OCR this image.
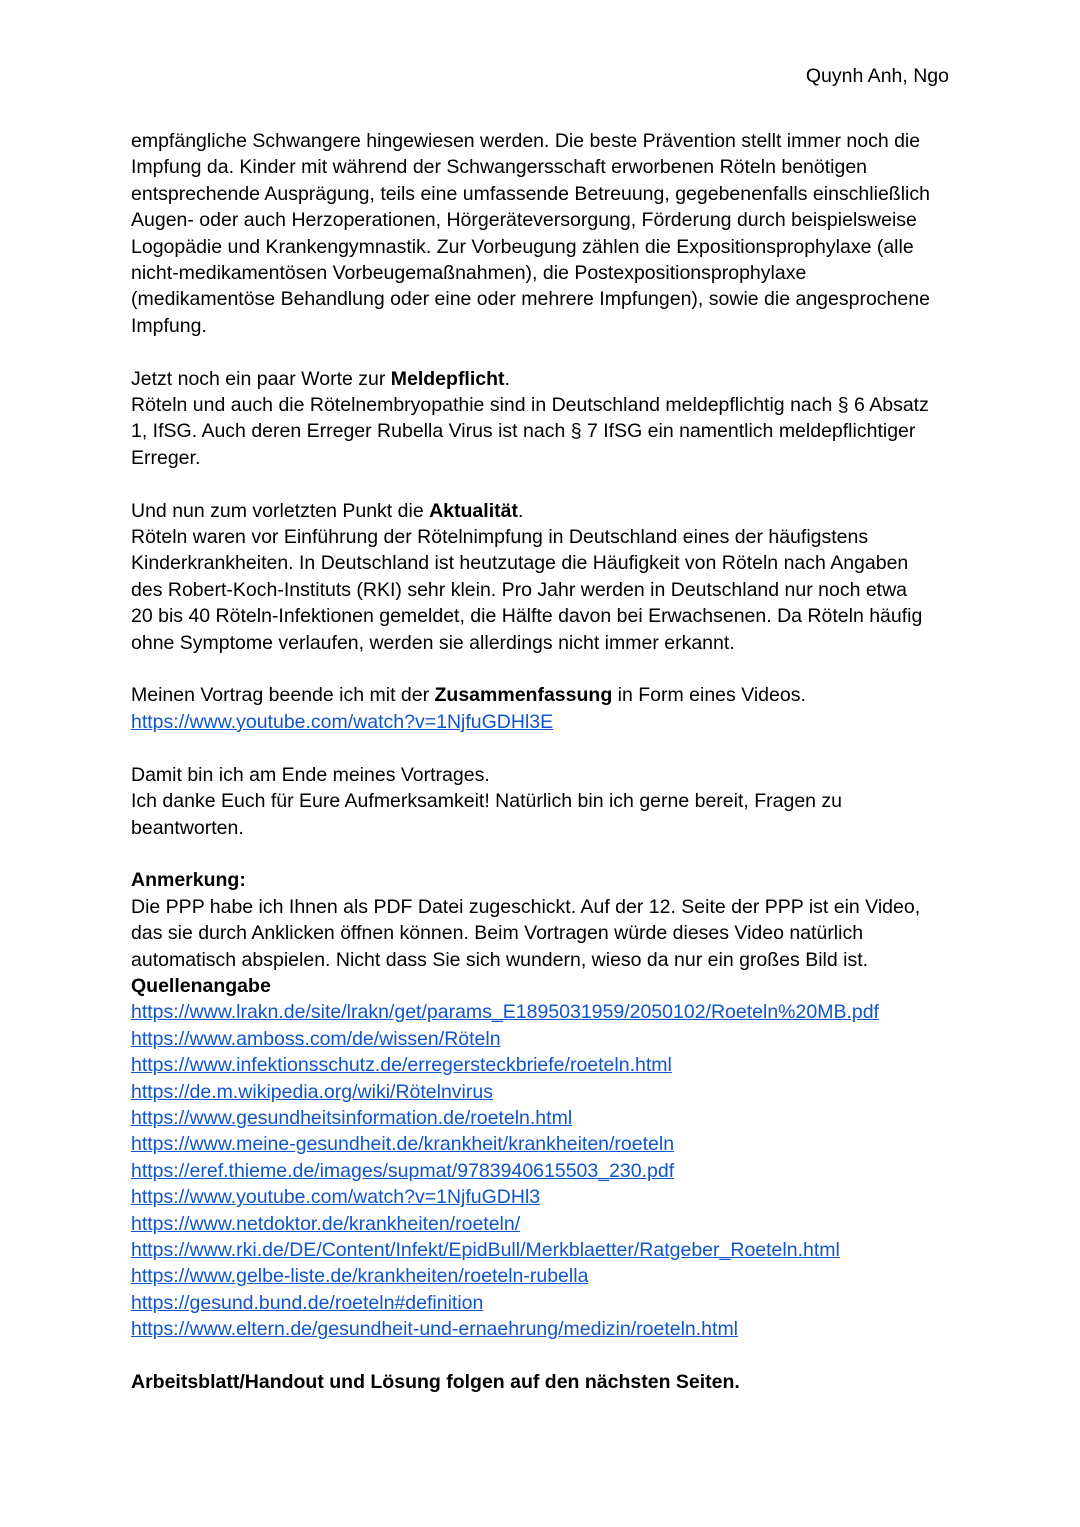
Quynh Anh, Ngo
empfängliche Schwangere hingewiesen werden. Die beste Prävention stellt immer noch die
Impfung da. Kinder mit während der Schwangersschaft erworbenen Röteln benötigen
entsprechende Ausprägung, teils eine umfassende Betreuung, gegebenenfalls einschließlich
Augen- oder auch Herzoperationen, Hörgeräteversorgung, Förderung durch beispielsweise
Logopädie und Krankengymnastik. Zur Vorbeugung zählen die Expositionsprophylaxe (alle
nicht-medikamentösen Vorbeugemaßnahmen), die Postexpositionsprophylaxe
(medikamentöse Behandlung oder eine oder mehrere Impfungen), sowie die angesprochene
Impfung.
Jetzt noch ein paar Worte zur Meldepflicht.
Röteln und auch die Rötelnembryopathie sind in Deutschland meldepflichtig nach § 6 Absatz
1, IfSG. Auch deren Erreger Rubella Virus ist nach § 7 IfSG ein namentlich meldepflichtiger
Erreger.
Und nun zum vorletzten Punkt die Aktualität.
Röteln waren vor Einführung der Rötelnimpfung in Deutschland eines der häufigstens
Kinderkrankheiten. In Deutschland ist heutzutage die Häufigkeit von Röteln nach Angaben
des Robert-Koch-Instituts (RKI) sehr klein. Pro Jahr werden in Deutschland nur noch etwa
20 bis 40 Röteln-Infektionen gemeldet, die Hälfte davon bei Erwachsenen. Da Röteln häufig
ohne Symptome verlaufen, werden sie allerdings nicht immer erkannt.
Meinen Vortrag beende ich mit der Zusammenfassung in Form eines Videos.
https://www.youtube.com/watch?v=1NjfuGDHl3E
Damit bin ich am Ende meines Vortrages.
Ich danke Euch für Eure Aufmerksamkeit! Natürlich bin ich gerne bereit, Fragen zu
beantworten.
Anmerkung:
Die PPP habe ich Ihnen als PDF Datei zugeschickt. Auf der 12. Seite der PPP ist ein Video,
das sie durch Anklicken öffnen können. Beim Vortragen würde dieses Video natürlich
automatisch abspielen. Nicht dass Sie sich wundern, wieso da nur ein großes Bild ist.
Quellenangabe
https://www.lrakn.de/site/lrakn/get/params_E1895031959/2050102/Roeteln%20MB.pdf
https://www.amboss.com/de/wissen/Röteln
https://www.infektionsschutz.de/erregersteckbriefe/roeteln.html
https://de.m.wikipedia.org/wiki/Rötelnvirus
https://www.gesundheitsinformation.de/roeteln.html
https://www.meine-gesundheit.de/krankheit/krankheiten/roeteln
https://eref.thieme.de/images/supmat/9783940615503_230.pdf
https://www.youtube.com/watch?v=1NjfuGDHl3
https://www.netdoktor.de/krankheiten/roeteln/
https://www.rki.de/DE/Content/Infekt/EpidBull/Merkblaetter/Ratgeber_Roeteln.html
https://www.gelbe-liste.de/krankheiten/roeteln-rubella
https://gesund.bund.de/roeteln#definition
https://www.eltern.de/gesundheit-und-ernaehrung/medizin/roeteln.html
Arbeitsblatt/Handout und Lösung folgen auf den nächsten Seiten.
